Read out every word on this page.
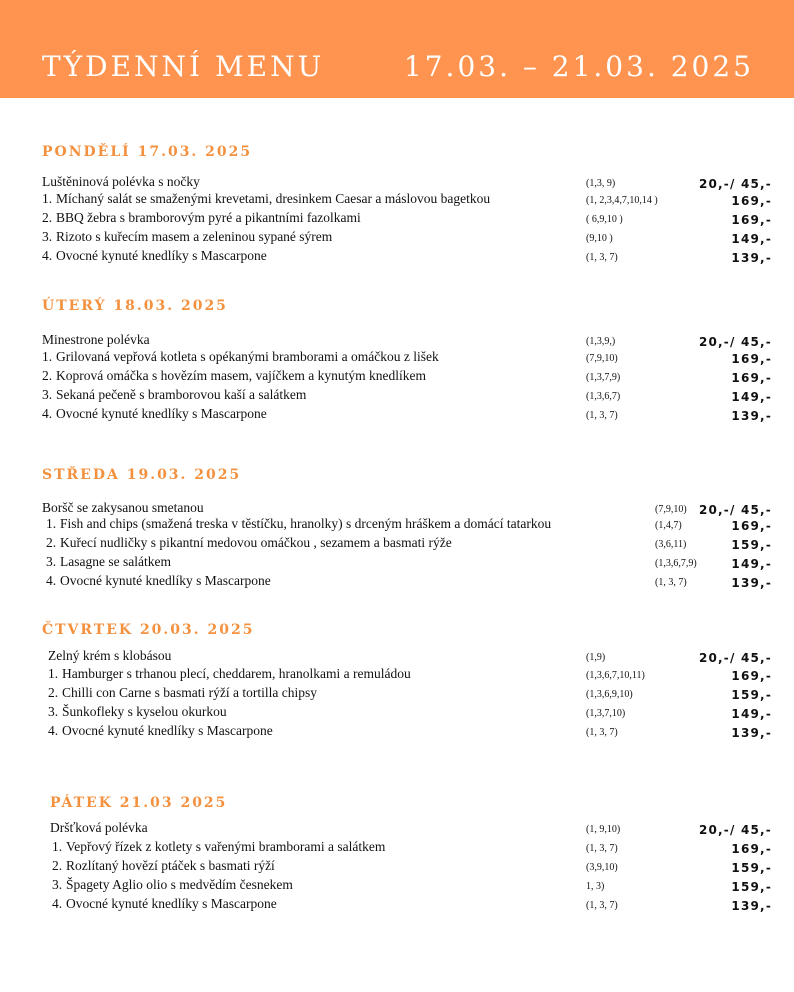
TÝDENNÍ MENU	17.03. – 21.03. 2025
PONDĚLÍ 17.03. 2025
Luštěninová polévka s nočky	(1,3, 9)	20,-/ 45,-
1. Míchaný salát se smaženými krevetami, dresinkem Caesar a máslovou bagetkou	(1, 2,3,4,7,10,14 )	169,-
2. BBQ žebra s bramborovým pyré a pikantními fazolkami	( 6,9,10 )	169,-
3. Rizoto s kuřecím masem a zeleninou sypané sýrem	(9,10 )	149,-
4. Ovocné kynuté knedlíky s Mascarpone	(1, 3, 7)	139,-
ÚTERÝ 18.03. 2025
Minestrone polévka	(1,3,9,)	20,-/ 45,-
1. Grilovaná vepřová kotleta s opékanými bramborami a omáčkou z lišek	(7,9,10)	169,-
2. Koprová omáčka s hovězím masem, vajíčkem a kynutým knedlíkem	(1,3,7,9)	169,-
3. Sekaná pečeně s bramborovou kaší a salátkem	(1,3,6,7)	149,-
4. Ovocné kynuté knedlíky s Mascarpone	(1, 3, 7)	139,-
STŘEDA 19.03. 2025
Boršč se zakysanou smetanou	(7,9,10) 20,-/ 45,-
1. Fish and chips (smažená treska v těstíčku, hranolky) s drceným hráškem a domácí tatarkou	(1,4,7)	169,-
2. Kuřecí nudličky s pikantní medovou omáčkou , sezamem a basmati rýže	(3,6,11)	159,-
3. Lasagne se salátkem	(1,3,6,7,9)	149,-
4. Ovocné kynuté knedlíky s Mascarpone	(1, 3, 7)	139,-
ČTVRTEK 20.03. 2025
Zelný krém s klobásou	(1,9)	20,-/ 45,-
1. Hamburger s trhanou plecí, cheddarem, hranolkami a remuládou	(1,3,6,7,10,11)	169,-
2. Chilli con Carne s basmati rýží a tortilla chipsy	(1,3,6,9,10)	159,-
3. Šunkofleky s kyselou okurkou	(1,3,7,10)	149,-
4. Ovocné kynuté knedlíky s Mascarpone	(1, 3, 7)	139,-
PÁTEK 21.03 2025
Dršťková polévka	(1, 9,10)	20,-/ 45,-
1. Vepřový řízek z kotlety s vařenými bramborami a salátkem	(1, 3, 7)	169,-
2. Rozlítaný hovězí ptáček s basmati rýží	(3,9,10)	159,-
3. Špagety Aglio olio s medvědím česnekem	1, 3)	159,-
4. Ovocné kynuté knedlíky s Mascarpone	(1, 3, 7)	139,-
